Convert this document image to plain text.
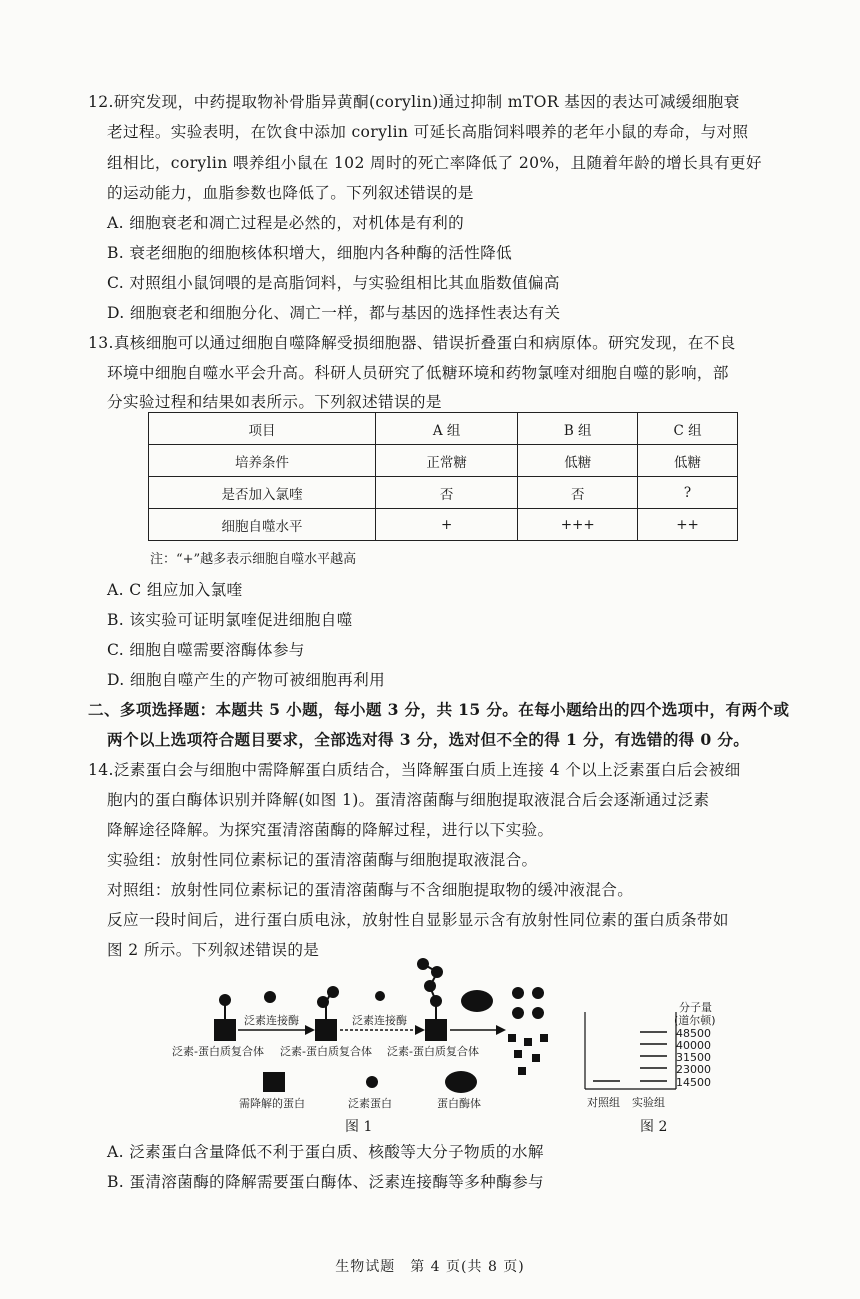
12.研究发现，中药提取物补骨脂异黄酮(corylin)通过抑制 mTOR 基因的表达可减缓细胞衰
老过程。实验表明，在饮食中添加 corylin 可延长高脂饲料喂养的老年小鼠的寿命，与对照
组相比，corylin 喂养组小鼠在 102 周时的死亡率降低了 20%，且随着年龄的增长具有更好
的运动能力，血脂参数也降低了。下列叙述错误的是
A. 细胞衰老和凋亡过程是必然的，对机体是有利的
B. 衰老细胞的细胞核体积增大，细胞内各种酶的活性降低
C. 对照组小鼠饲喂的是高脂饲料，与实验组相比其血脂数值偏高
D. 细胞衰老和细胞分化、凋亡一样，都与基因的选择性表达有关
13.真核细胞可以通过细胞自噬降解受损细胞器、错误折叠蛋白和病原体。研究发现，在不良
环境中细胞自噬水平会升高。科研人员研究了低糖环境和药物氯喹对细胞自噬的影响，部
分实验过程和结果如表所示。下列叙述错误的是
项目	A 组	B 组	C 组
培养条件	正常糖	低糖	低糖
是否加入氯喹	否	否	?
细胞自噬水平	+	+++	++
注：“+”越多表示细胞自噬水平越高
A. C 组应加入氯喹
B. 该实验可证明氯喹促进细胞自噬
C. 细胞自噬需要溶酶体参与
D. 细胞自噬产生的产物可被细胞再利用
二、多项选择题：本题共 5 小题，每小题 3 分，共 15 分。在每小题给出的四个选项中，有两个或
两个以上选项符合题目要求，全部选对得 3 分，选对但不全的得 1 分，有选错的得 0 分。
14.泛素蛋白会与细胞中需降解蛋白质结合，当降解蛋白质上连接 4 个以上泛素蛋白后会被细
胞内的蛋白酶体识别并降解(如图 1)。蛋清溶菌酶与细胞提取液混合后会逐渐通过泛素
降解途径降解。为探究蛋清溶菌酶的降解过程，进行以下实验。
实验组：放射性同位素标记的蛋清溶菌酶与细胞提取液混合。
对照组：放射性同位素标记的蛋清溶菌酶与不含细胞提取物的缓冲液混合。
反应一段时间后，进行蛋白质电泳，放射性自显影显示含有放射性同位素的蛋白质条带如
图 2 所示。下列叙述错误的是
泛素连接酶	泛素连接酶
泛素-蛋白质复合体 泛素-蛋白质复合体 泛素-蛋白质复合体
需降解的蛋白	泛素蛋白	蛋白酶体
图 1
分子量
(道尔顿)
48500
40000
31500
23000
14500
对照组 实验组
图 2
A. 泛素蛋白含量降低不利于蛋白质、核酸等大分子物质的水解
B. 蛋清溶菌酶的降解需要蛋白酶体、泛素连接酶等多种酶参与
生物试题　第 4 页(共 8 页)
